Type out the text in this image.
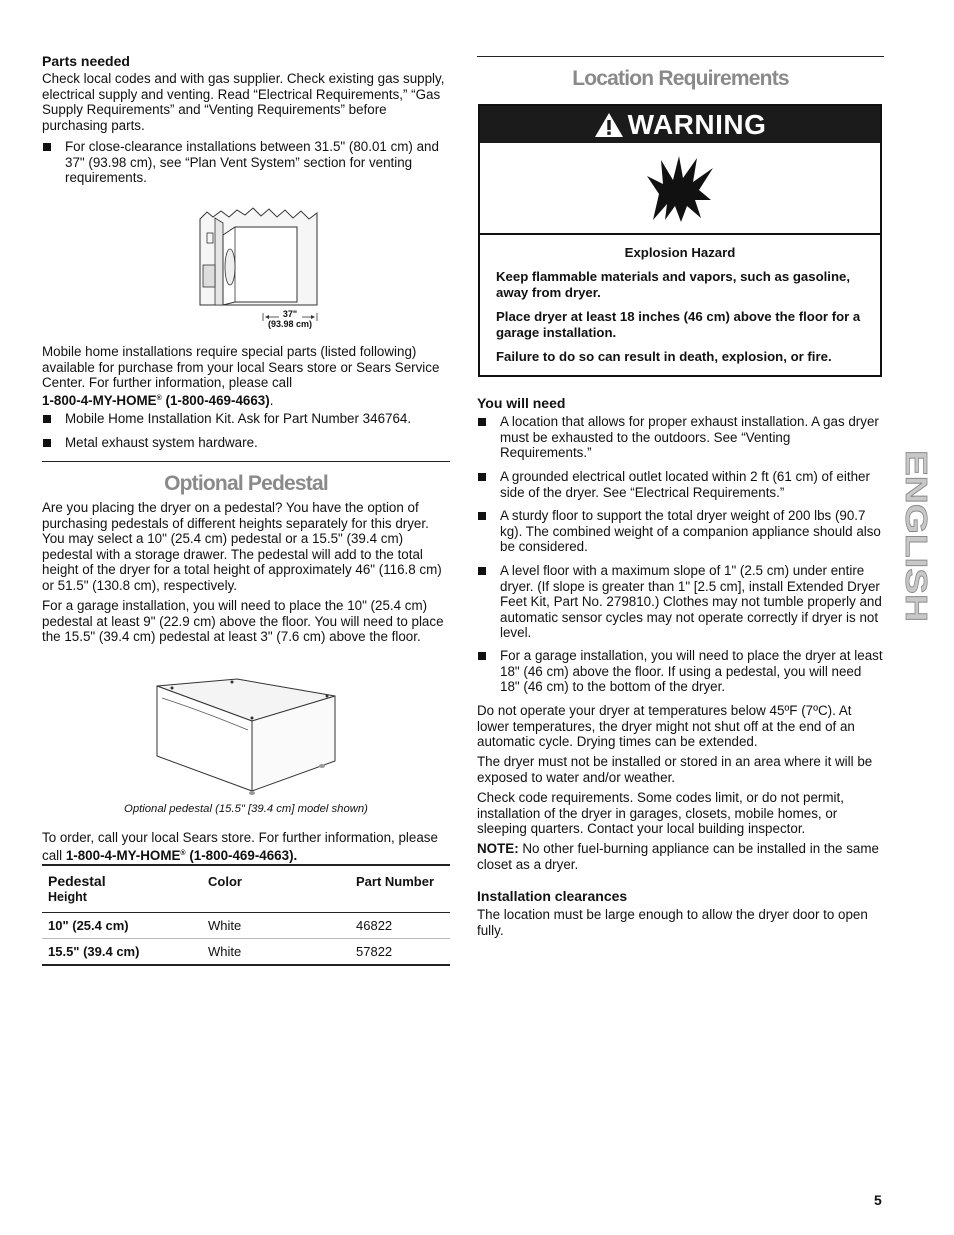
Parts needed

Check local codes and with gas supplier. Check existing gas supply, electrical supply and venting. Read “Electrical Requirements,” “Gas Supply Requirements” and “Venting Requirements” before purchasing parts.

For close-clearance installations between 31.5" (80.01 cm) and 37" (93.98 cm), see “Plan Vent System” section for venting requirements.

37"
(93.98 cm)

Mobile home installations require special parts (listed following) available for purchase from your local Sears store or Sears Service Center. For further information, please call
1-800-4-MY-HOME® (1-800-469-4663).

Mobile Home Installation Kit. Ask for Part Number 346764.

Metal exhaust system hardware.

Optional Pedestal

Are you placing the dryer on a pedestal? You have the option of purchasing pedestals of different heights separately for this dryer. You may select a 10" (25.4 cm) pedestal or a 15.5" (39.4 cm) pedestal with a storage drawer. The pedestal will add to the total height of the dryer for a total height of approximately 46" (116.8 cm) or 51.5" (130.8 cm), respectively.

For a garage installation, you will need to place the 10" (25.4 cm) pedestal at least 9" (22.9 cm) above the floor. You will need to place the 15.5" (39.4 cm) pedestal at least 3" (7.6 cm) above the floor.

Optional pedestal (15.5" [39.4 cm] model shown)

To order, call your local Sears store. For further information, please call 1-800-4-MY-HOME® (1-800-469-4663).

Pedestal
Height	Color	Part Number
10" (25.4 cm)	White	46822
15.5" (39.4 cm)	White	57822
Location Requirements
WARNING

Explosion Hazard

Keep flammable materials and vapors, such as gasoline, away from dryer.

Place dryer at least 18 inches (46 cm) above the floor for a garage installation.

Failure to do so can result in death, explosion, or fire.

You will need

A location that allows for proper exhaust installation. A gas dryer must be exhausted to the outdoors. See “Venting Requirements.”

A grounded electrical outlet located within 2 ft (61 cm) of either side of the dryer. See “Electrical Requirements.”

A sturdy floor to support the total dryer weight of 200 lbs (90.7 kg). The combined weight of a companion appliance should also be considered.

A level floor with a maximum slope of 1" (2.5 cm) under entire dryer. (If slope is greater than 1" [2.5 cm], install Extended Dryer Feet Kit, Part No. 279810.) Clothes may not tumble properly and automatic sensor cycles may not operate correctly if dryer is not level.

For a garage installation, you will need to place the dryer at least 18" (46 cm) above the floor. If using a pedestal, you will need 18" (46 cm) to the bottom of the dryer.

Do not operate your dryer at temperatures below 45ºF (7ºC). At lower temperatures, the dryer might not shut off at the end of an automatic cycle. Drying times can be extended.

The dryer must not be installed or stored in an area where it will be exposed to water and/or weather.

Check code requirements. Some codes limit, or do not permit, installation of the dryer in garages, closets, mobile homes, or sleeping quarters. Contact your local building inspector.

NOTE: No other fuel-burning appliance can be installed in the same closet as a dryer.

Installation clearances

The location must be large enough to allow the dryer door to open fully.

ENGLISH
5
